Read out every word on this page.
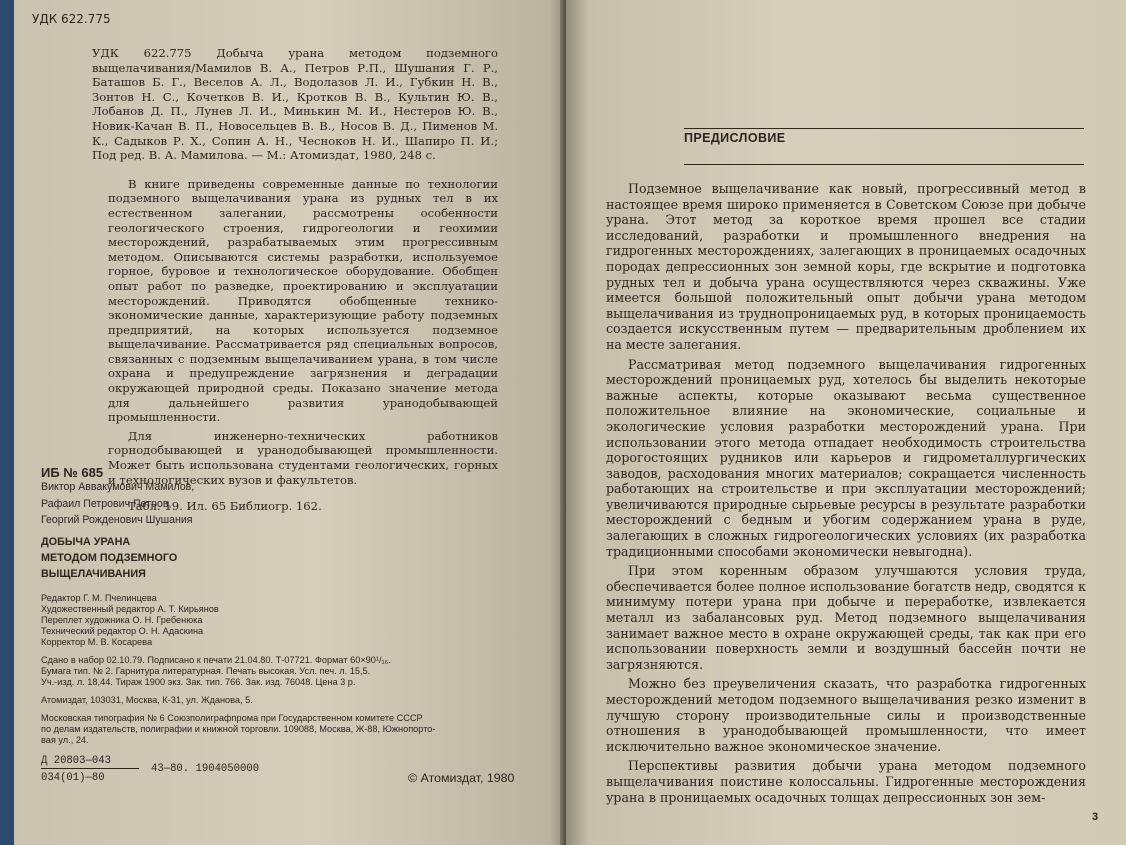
УДК 622.775
УДК 622.775 Добыча урана методом подземного выщелачивания/Мамилов В. А., Петров Р.П., Шушания Г. Р., Баташов Б. Г., Веселов А. Л., Водолазов Л. И., Губкин Н. В., Зонтов Н. С., Кочетков В. И., Кротков В. В., Культин Ю. В., Лобанов Д. П., Лунев Л. И., Минькин М. И., Нестеров Ю. В., Новик-Качан В. П., Новосельцев В. В., Носов В. Д., Пименов М. К., Садыков Р. Х., Сопин А. Н., Чесноков Н. И., Шапиро П. И.; Под ред. В. А. Мамилова. — М.: Атомиздат, 1980, 248 с.

В книге приведены современные данные по технологии подземного выщелачивания урана из рудных тел в их естественном залегании, рассмотрены особенности геологического строения, гидрогеологии и геохимии месторождений, разрабатываемых этим прогрессивным методом. Описываются системы разработки, используемое горное, буровое и технологическое оборудование. Обобщен опыт работ по разведке, проектированию и эксплуатации месторождений. Приводятся обобщенные технико-экономические данные, характеризующие работу подземных предприятий, на которых используется подземное выщелачивание. Рассматривается ряд специальных вопросов, связанных с подземным выщелачиванием урана, в том числе охрана и предупреждение загрязнения и деградации окружающей природной среды. Показано значение метода для дальнейшего развития уранодобывающей промышленности.

Для инженерно-технических работников горнодобывающей и уранодобывающей промышленности. Может быть использована студентами геологических, горных и технологических вузов и факультетов.

Табл. 19. Ил. 65 Библиогр. 162.

ИБ № 685
Виктор Аввакумович Мамилов,
Рафаил Петрович Петров,
Георгий Рожденович Шушания
ДОБЫЧА УРАНА
МЕТОДОМ ПОДЗЕМНОГО
ВЫЩЕЛАЧИВАНИЯ
Редактор Г. М. Пчелинцева
Художественный редактор А. Т. Кирьянов
Переплет художника О. Н. Гребенюка
Технический редактор О. Н. Адаскина
Корректор М. В. Косарева
Сдано в набор 02.10.79. Подписано к печати 21.04.80. Т-07721. Формат 60×90¹/₁₆.
Бумага тип. № 2. Гарнитура литературная. Печать высокая. Усл. печ. л. 15,5.
Уч.-изд. л. 18,44. Тираж 1900 экз. Зак. тип. 766. Зак. изд. 76048. Цена 3 р.
Атомиздат, 103031, Москва, К-31, ул. Жданова, 5.
Московская типография № 6 Союзполиграфпрома при Государственном комитете СССР
по делам издательств, полиграфии и книжной торговли. 109088, Москва, Ж-88, Южнопорто-
вая ул., 24.
Д 20803—043
034(01)—80
43—80. 1904050000
© Атомиздат, 1980
ПРЕДИСЛОВИЕ

Подземное выщелачивание как новый, прогрессивный метод в настоящее время широко применяется в Советском Союзе при добыче урана. Этот метод за короткое время прошел все стадии исследований, разработки и промышленного внедрения на гидрогенных месторождениях, залегающих в проницаемых осадочных породах депрессионных зон земной коры, где вскрытие и подготовка рудных тел и добыча урана осуществляются через скважины. Уже имеется большой положительный опыт добычи урана методом выщелачивания из труднопроницаемых руд, в которых проницаемость создается искусственным путем — предварительным дроблением их на месте залегания.

Рассматривая метод подземного выщелачивания гидрогенных месторождений проницаемых руд, хотелось бы выделить некоторые важные аспекты, которые оказывают весьма существенное положительное влияние на экономические, социальные и экологические условия разработки месторождений урана. При использовании этого метода отпадает необходимость строительства дорогостоящих рудников или карьеров и гидрометаллургических заводов, расходования многих материалов; сокращается численность работающих на строительстве и при эксплуатации месторождений; увеличиваются природные сырьевые ресурсы в результате разработки месторождений с бедным и убогим содержанием урана в руде, залегающих в сложных гидрогеологических условиях (их разработка традиционными способами экономически невыгодна).

При этом коренным образом улучшаются условия труда, обеспечивается более полное использование богатств недр, сводятся к минимуму потери урана при добыче и переработке, извлекается металл из забалансовых руд. Метод подземного выщелачивания занимает важное место в охране окружающей среды, так как при его использовании поверхность земли и воздушный бассейн почти не загрязняются.

Можно без преувеличения сказать, что разработка гидрогенных месторождений методом подземного выщелачивания резко изменит в лучшую сторону производительные силы и производственные отношения в уранодобывающей промышленности, что имеет исключительно важное экономическое значение.

Перспективы развития добычи урана методом подземного выщелачивания поистине колоссальны. Гидрогенные месторождения урана в проницаемых осадочных толщах депрессионных зон зем-

3
